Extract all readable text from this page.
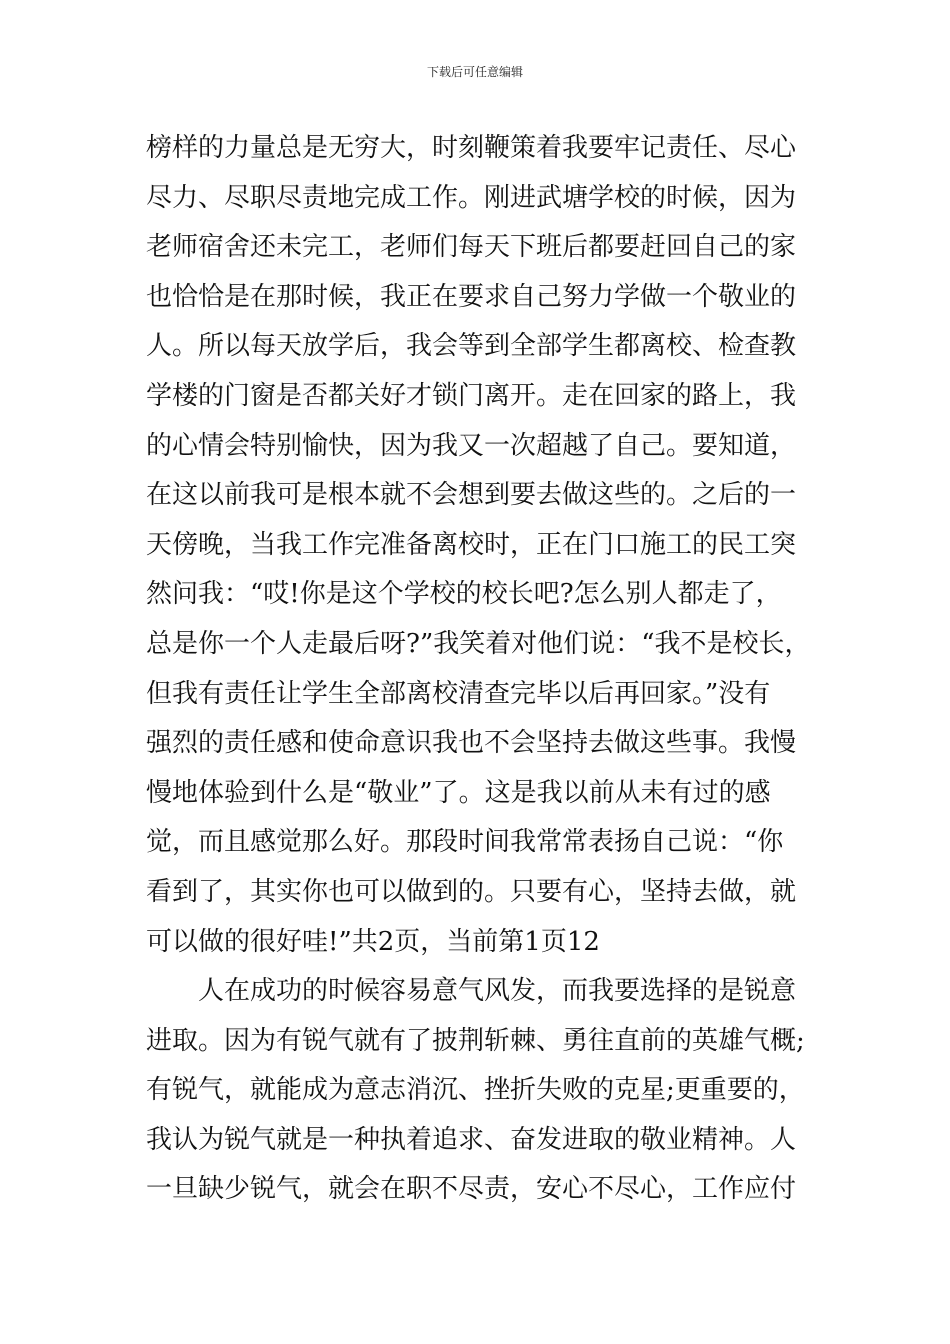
下载后可任意编辑
榜样的力量总是无穷大，时刻鞭策着我要牢记责任、尽心
尽力、尽职尽责地完成工作。刚进武塘学校的时候，因为
老师宿舍还未完工，老师们每天下班后都要赶回自己的家
也恰恰是在那时候，我正在要求自己努力学做一个敬业的
人。所以每天放学后，我会等到全部学生都离校、检查教
学楼的门窗是否都关好才锁门离开。走在回家的路上，我
的心情会特别愉快，因为我又一次超越了自己。要知道，
在这以前我可是根本就不会想到要去做这些的。之后的一
天傍晚，当我工作完准备离校时，正在门口施工的民工突
然问我：“哎!你是这个学校的校长吧?怎么别人都走了，
总是你一个人走最后呀?”我笑着对他们说：“我不是校长，
但我有责任让学生全部离校清查完毕以后再回家。”没有
强烈的责任感和使命意识我也不会坚持去做这些事。我慢
慢地体验到什么是“敬业”了。这是我以前从未有过的感
觉，而且感觉那么好。那段时间我常常表扬自己说：“你
看到了，其实你也可以做到的。只要有心，坚持去做，就
可以做的很好哇!”共2页，当前第1页12
人在成功的时候容易意气风发，而我要选择的是锐意
进取。因为有锐气就有了披荆斩棘、勇往直前的英雄气概;
有锐气，就能成为意志消沉、挫折失败的克星;更重要的，
我认为锐气就是一种执着追求、奋发进取的敬业精神。人
一旦缺少锐气，就会在职不尽责，安心不尽心，工作应付
